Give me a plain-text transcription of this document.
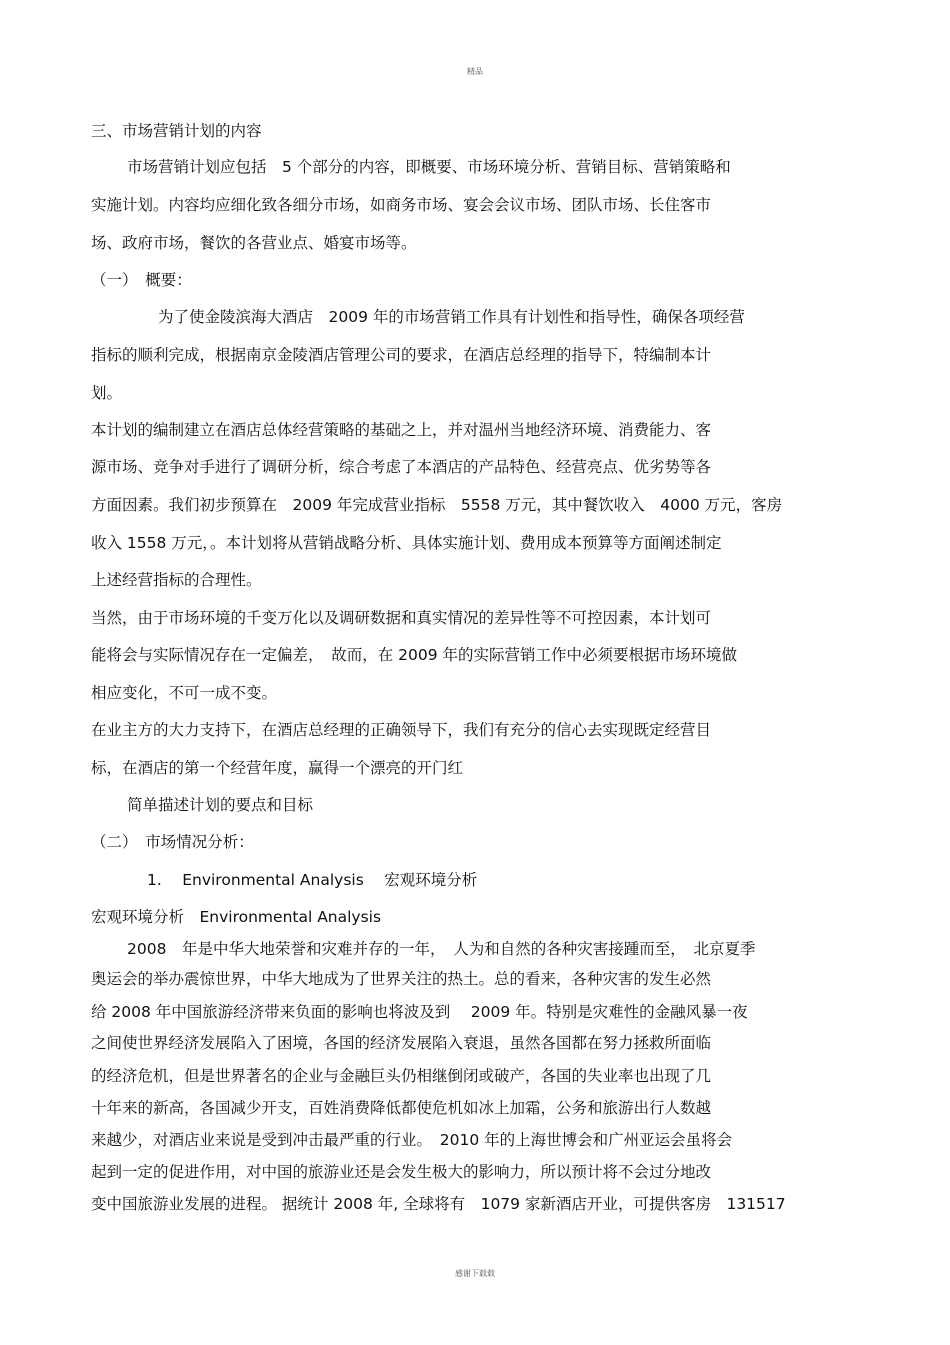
精品
三、市场营销计划的内容
市场营销计划应包括　5 个部分的内容，即概要、市场环境分析、营销目标、营销策略和
实施计划。内容均应细化致各细分市场，如商务市场、宴会会议市场、团队市场、长住客市
场、政府市场，餐饮的各营业点、婚宴市场等。
（一）　概要：
为了使金陵滨海大酒店　2009 年的市场营销工作具有计划性和指导性，确保各项经营
指标的顺利完成，根据南京金陵酒店管理公司的要求，在酒店总经理的指导下，特编制本计
划。
本计划的编制建立在酒店总体经营策略的基础之上，并对温州当地经济环境、消费能力、客
源市场、竞争对手进行了调研分析，综合考虑了本酒店的产品特色、经营亮点、优劣势等各
方面因素。我们初步预算在　2009 年完成营业指标　5558 万元，其中餐饮收入　4000 万元，客房
收入 1558 万元，。本计划将从营销战略分析、具体实施计划、费用成本预算等方面阐述制定
上述经营指标的合理性。
当然，由于市场环境的千变万化以及调研数据和真实情况的差异性等不可控因素，本计划可
能将会与实际情况存在一定偏差，　故而，在 2009 年的实际营销工作中必须要根据市场环境做
相应变化，不可一成不变。
在业主方的大力支持下，在酒店总经理的正确领导下，我们有充分的信心去实现既定经营目
标，在酒店的第一个经营年度，赢得一个漂亮的开门红
简单描述计划的要点和目标
（二）　市场情况分析：
1.　 Environmental Analysis　 宏观环境分析
宏观环境分析　Environmental Analysis
2008　年是中华大地荣誉和灾难并存的一年，　人为和自然的各种灾害接踵而至，　北京夏季
奥运会的举办震惊世界，中华大地成为了世界关注的热土。总的看来，各种灾害的发生必然
给 2008 年中国旅游经济带来负面的影响也将波及到　 2009 年。特别是灾难性的金融风暴一夜
之间使世界经济发展陷入了困境，各国的经济发展陷入衰退，虽然各国都在努力拯救所面临
的经济危机，但是世界著名的企业与金融巨头仍相继倒闭或破产，各国的失业率也出现了几
十年来的新高，各国减少开支，百姓消费降低都使危机如冰上加霜，公务和旅游出行人数越
来越少，对酒店业来说是受到冲击最严重的行业。　2010 年的上海世博会和广州亚运会虽将会
起到一定的促进作用，对中国的旅游业还是会发生极大的影响力，所以预计将不会过分地改
变中国旅游业发展的进程。 据统计 2008 年, 全球将有　1079 家新酒店开业，可提供客房　131517
感谢下载载
